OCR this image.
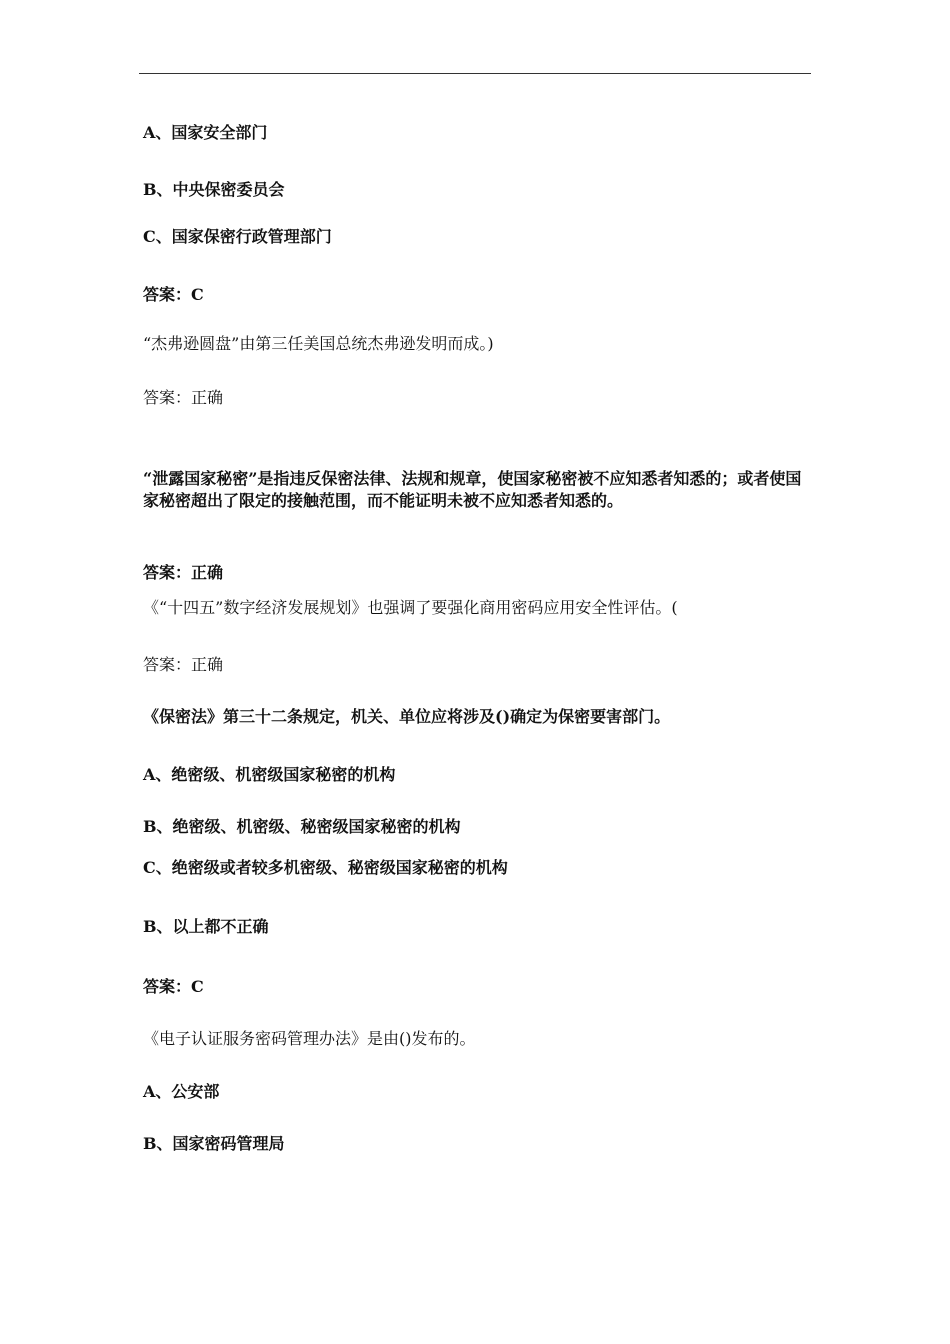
A、国家安全部门

B、中央保密委员会

C、国家保密行政管理部门

答案：C

“杰弗逊圆盘”由第三任美国总统杰弗逊发明而成。)

答案：正确

“泄露国家秘密”是指违反保密法律、法规和规章，使国家秘密被不应知悉者知悉的；或者使国家秘密超出了限定的接触范围，而不能证明未被不应知悉者知悉的。

答案：正确

《“十四五”数字经济发展规划》也强调了要强化商用密码应用安全性评估。(

答案：正确

《保密法》第三十二条规定，机关、单位应将涉及()确定为保密要害部门。

A、绝密级、机密级国家秘密的机构

B、绝密级、机密级、秘密级国家秘密的机构

C、绝密级或者较多机密级、秘密级国家秘密的机构

B、以上都不正确

答案：C

《电子认证服务密码管理办法》是由()发布的。

A、公安部

B、国家密码管理局
